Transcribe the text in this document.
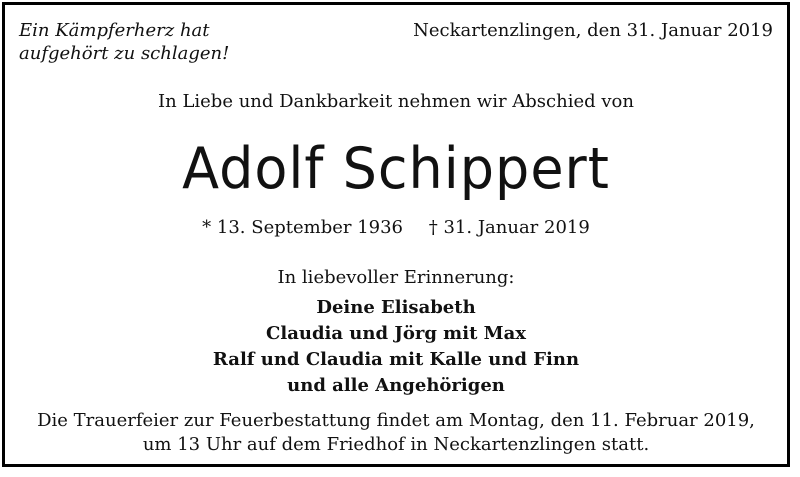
Ein Kämpferherz hat
aufgehört zu schlagen!
Neckartenzlingen, den 31. Januar 2019
In Liebe und Dankbarkeit nehmen wir Abschied von
Adolf Schippert
* 13. September 1936 † 31. Januar 2019
In liebevoller Erinnerung:
Deine Elisabeth
Claudia und Jörg mit Max
Ralf und Claudia mit Kalle und Finn
und alle Angehörigen
Die Trauerfeier zur Feuerbestattung findet am Montag, den 11. Februar 2019,
um 13 Uhr auf dem Friedhof in Neckartenzlingen statt.
